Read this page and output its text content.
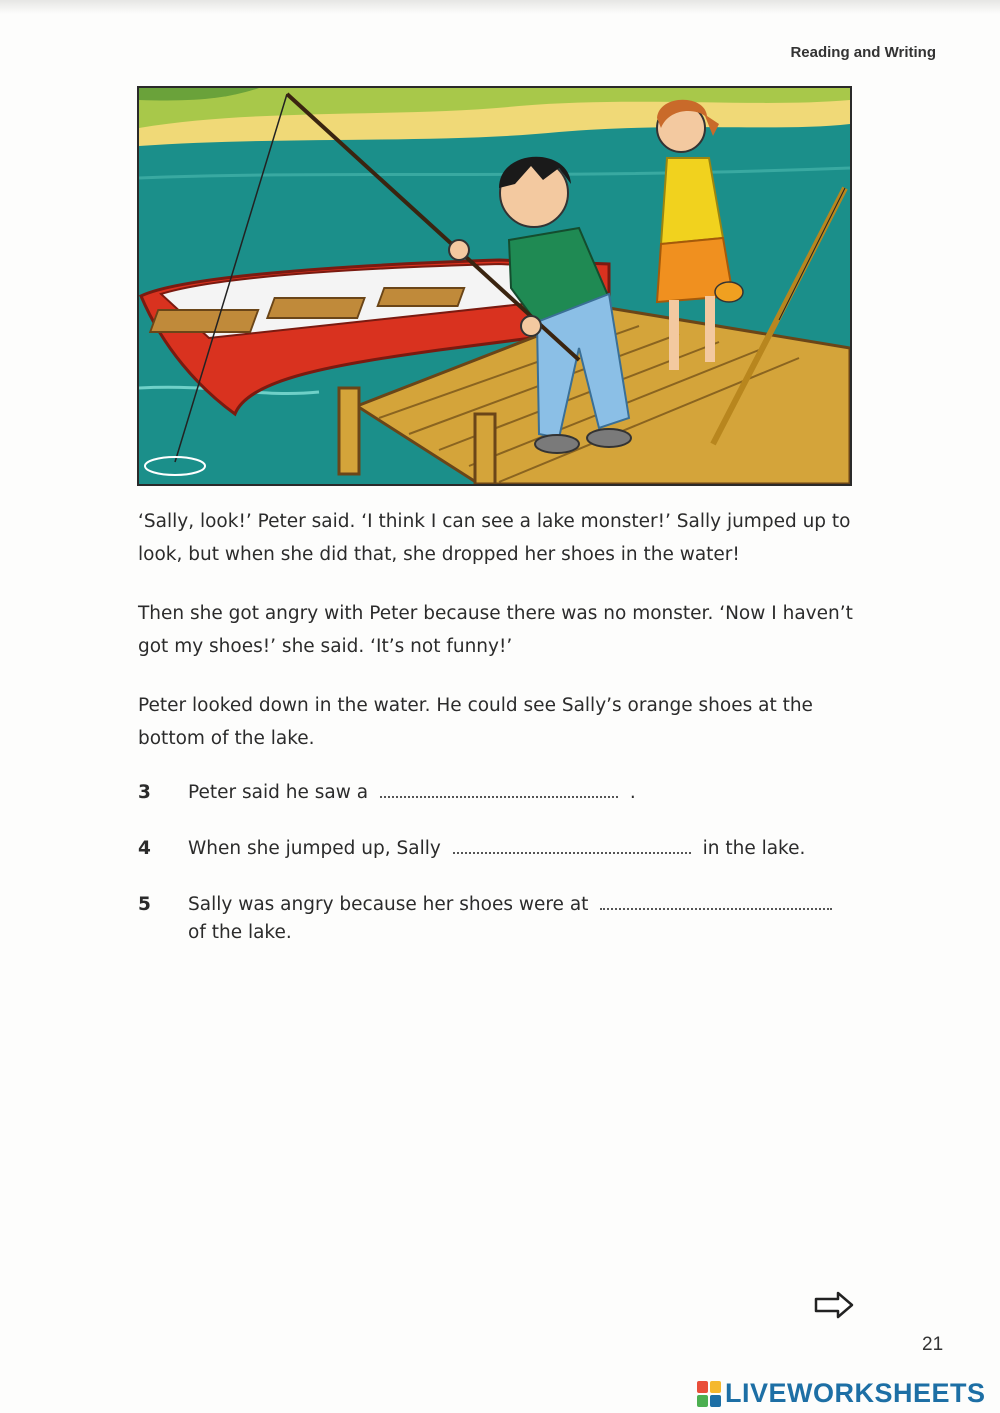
Reading and Writing

‘Sally, look!’ Peter said. ‘I think I can see a lake monster!’ Sally jumped up to look, but when she did that, she dropped her shoes in the water!

Then she got angry with Peter because there was no monster. ‘Now I haven’t got my shoes!’ she said. ‘It’s not funny!’

Peter looked down in the water. He could see Sally’s orange shoes at the bottom of the lake.

3	Peter said he saw a	.
4	When she jumped up, Sally	in the lake.
5	Sally was angry because her shoes were at
of the lake.
21
LIVEWORKSHEETS
